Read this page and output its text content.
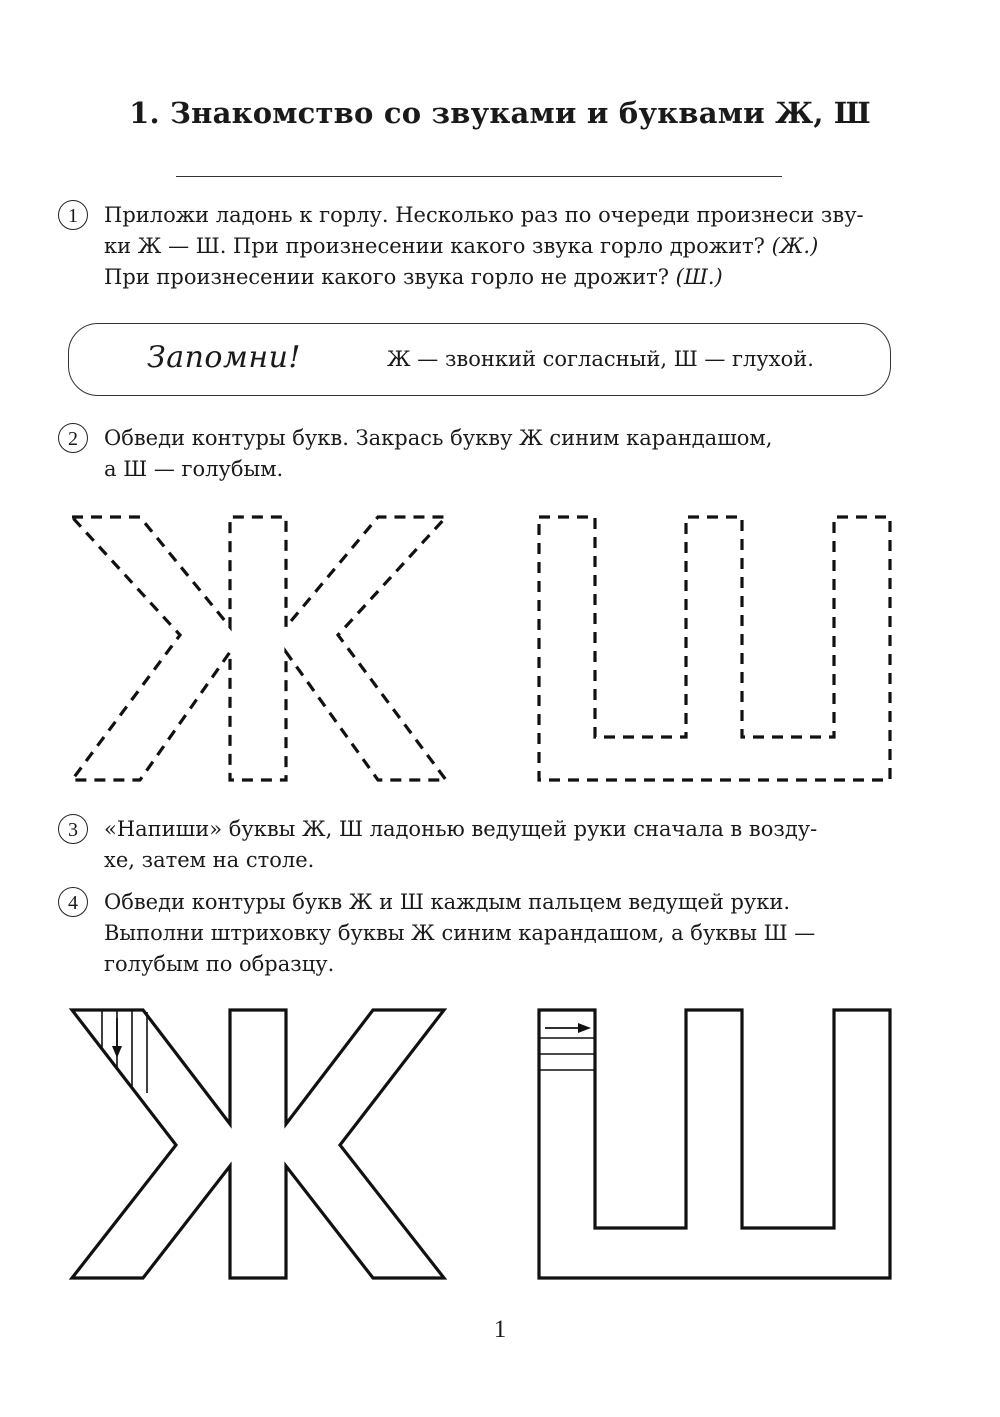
1. Знакомство со звуками и буквами Ж, Ш
1	Приложи ладонь к горлу. Несколько раз по очереди произнеси зву-
ки Ж — Ш. При произнесении какого звука горло дрожит? (Ж.)
При произнесении какого звука горло не дрожит? (Ш.)
Запомни!	Ж — звонкий согласный, Ш — глухой.
2	Обведи контуры букв. Закрась букву Ж синим карандашом,
а Ш — голубым.
3	«Напиши» буквы Ж, Ш ладонью ведущей руки сначала в возду-
хе, затем на столе.
4	Обведи контуры букв Ж и Ш каждым пальцем ведущей руки.
Выполни штриховку буквы Ж синим карандашом, а буквы Ш —
голубым по образцу.
1
